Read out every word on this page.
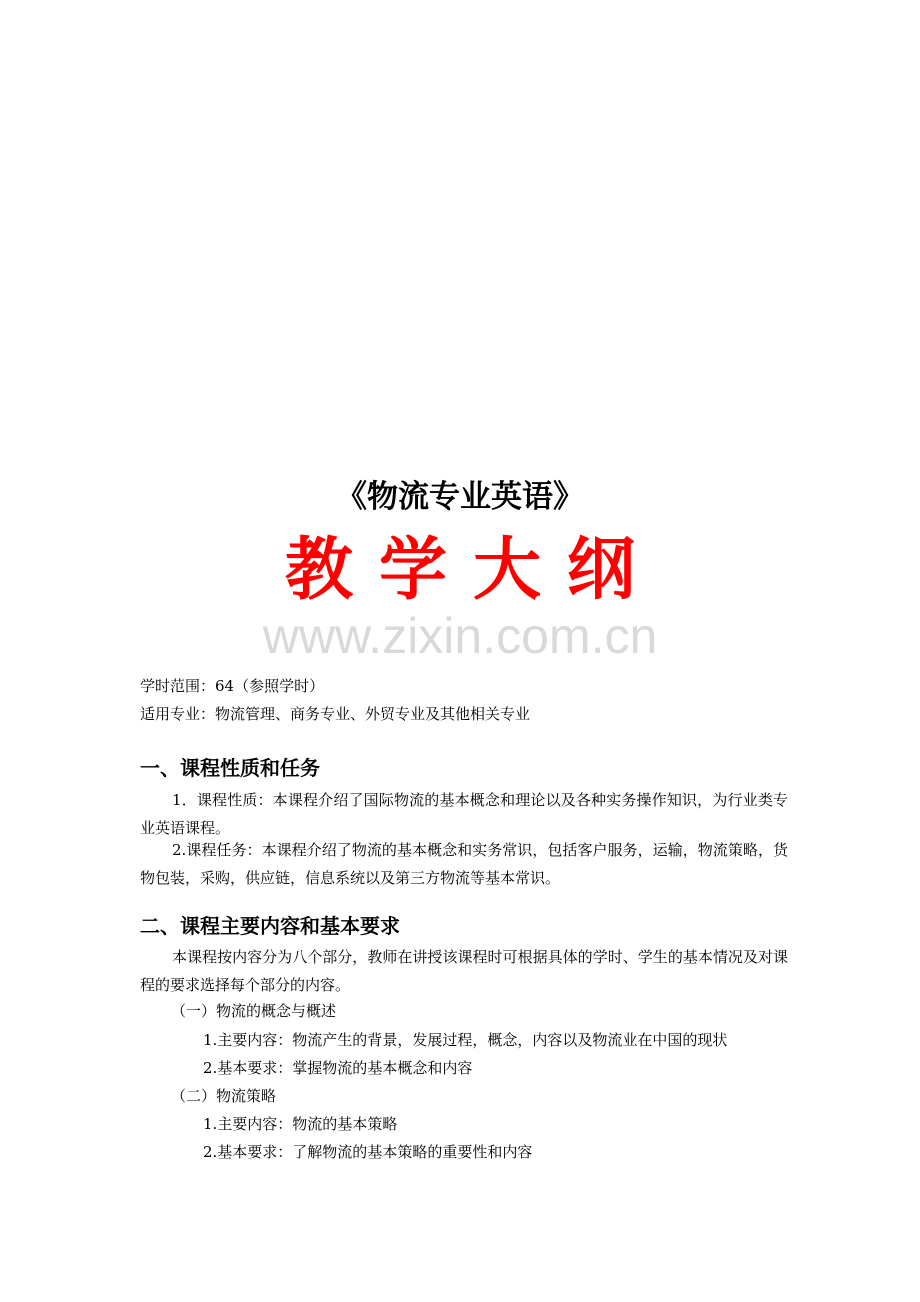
《物流专业英语》
教学大纲
www.zixin.com.cn

学时范围：64（参照学时）

适用专业：物流管理、商务专业、外贸专业及其他相关专业

一、课程性质和任务

1．课程性质：本课程介绍了国际物流的基本概念和理论以及各种实务操作知识，为行业类专业英语课程。

2.课程任务：本课程介绍了物流的基本概念和实务常识，包括客户服务，运输，物流策略，货物包装，采购，供应链，信息系统以及第三方物流等基本常识。

二、课程主要内容和基本要求

本课程按内容分为八个部分，教师在讲授该课程时可根据具体的学时、学生的基本情况及对课程的要求选择每个部分的内容。

（一）物流的概念与概述

1.主要内容：物流产生的背景，发展过程，概念，内容以及物流业在中国的现状

2.基本要求：掌握物流的基本概念和内容

（二）物流策略

1.主要内容：物流的基本策略

2.基本要求：了解物流的基本策略的重要性和内容
